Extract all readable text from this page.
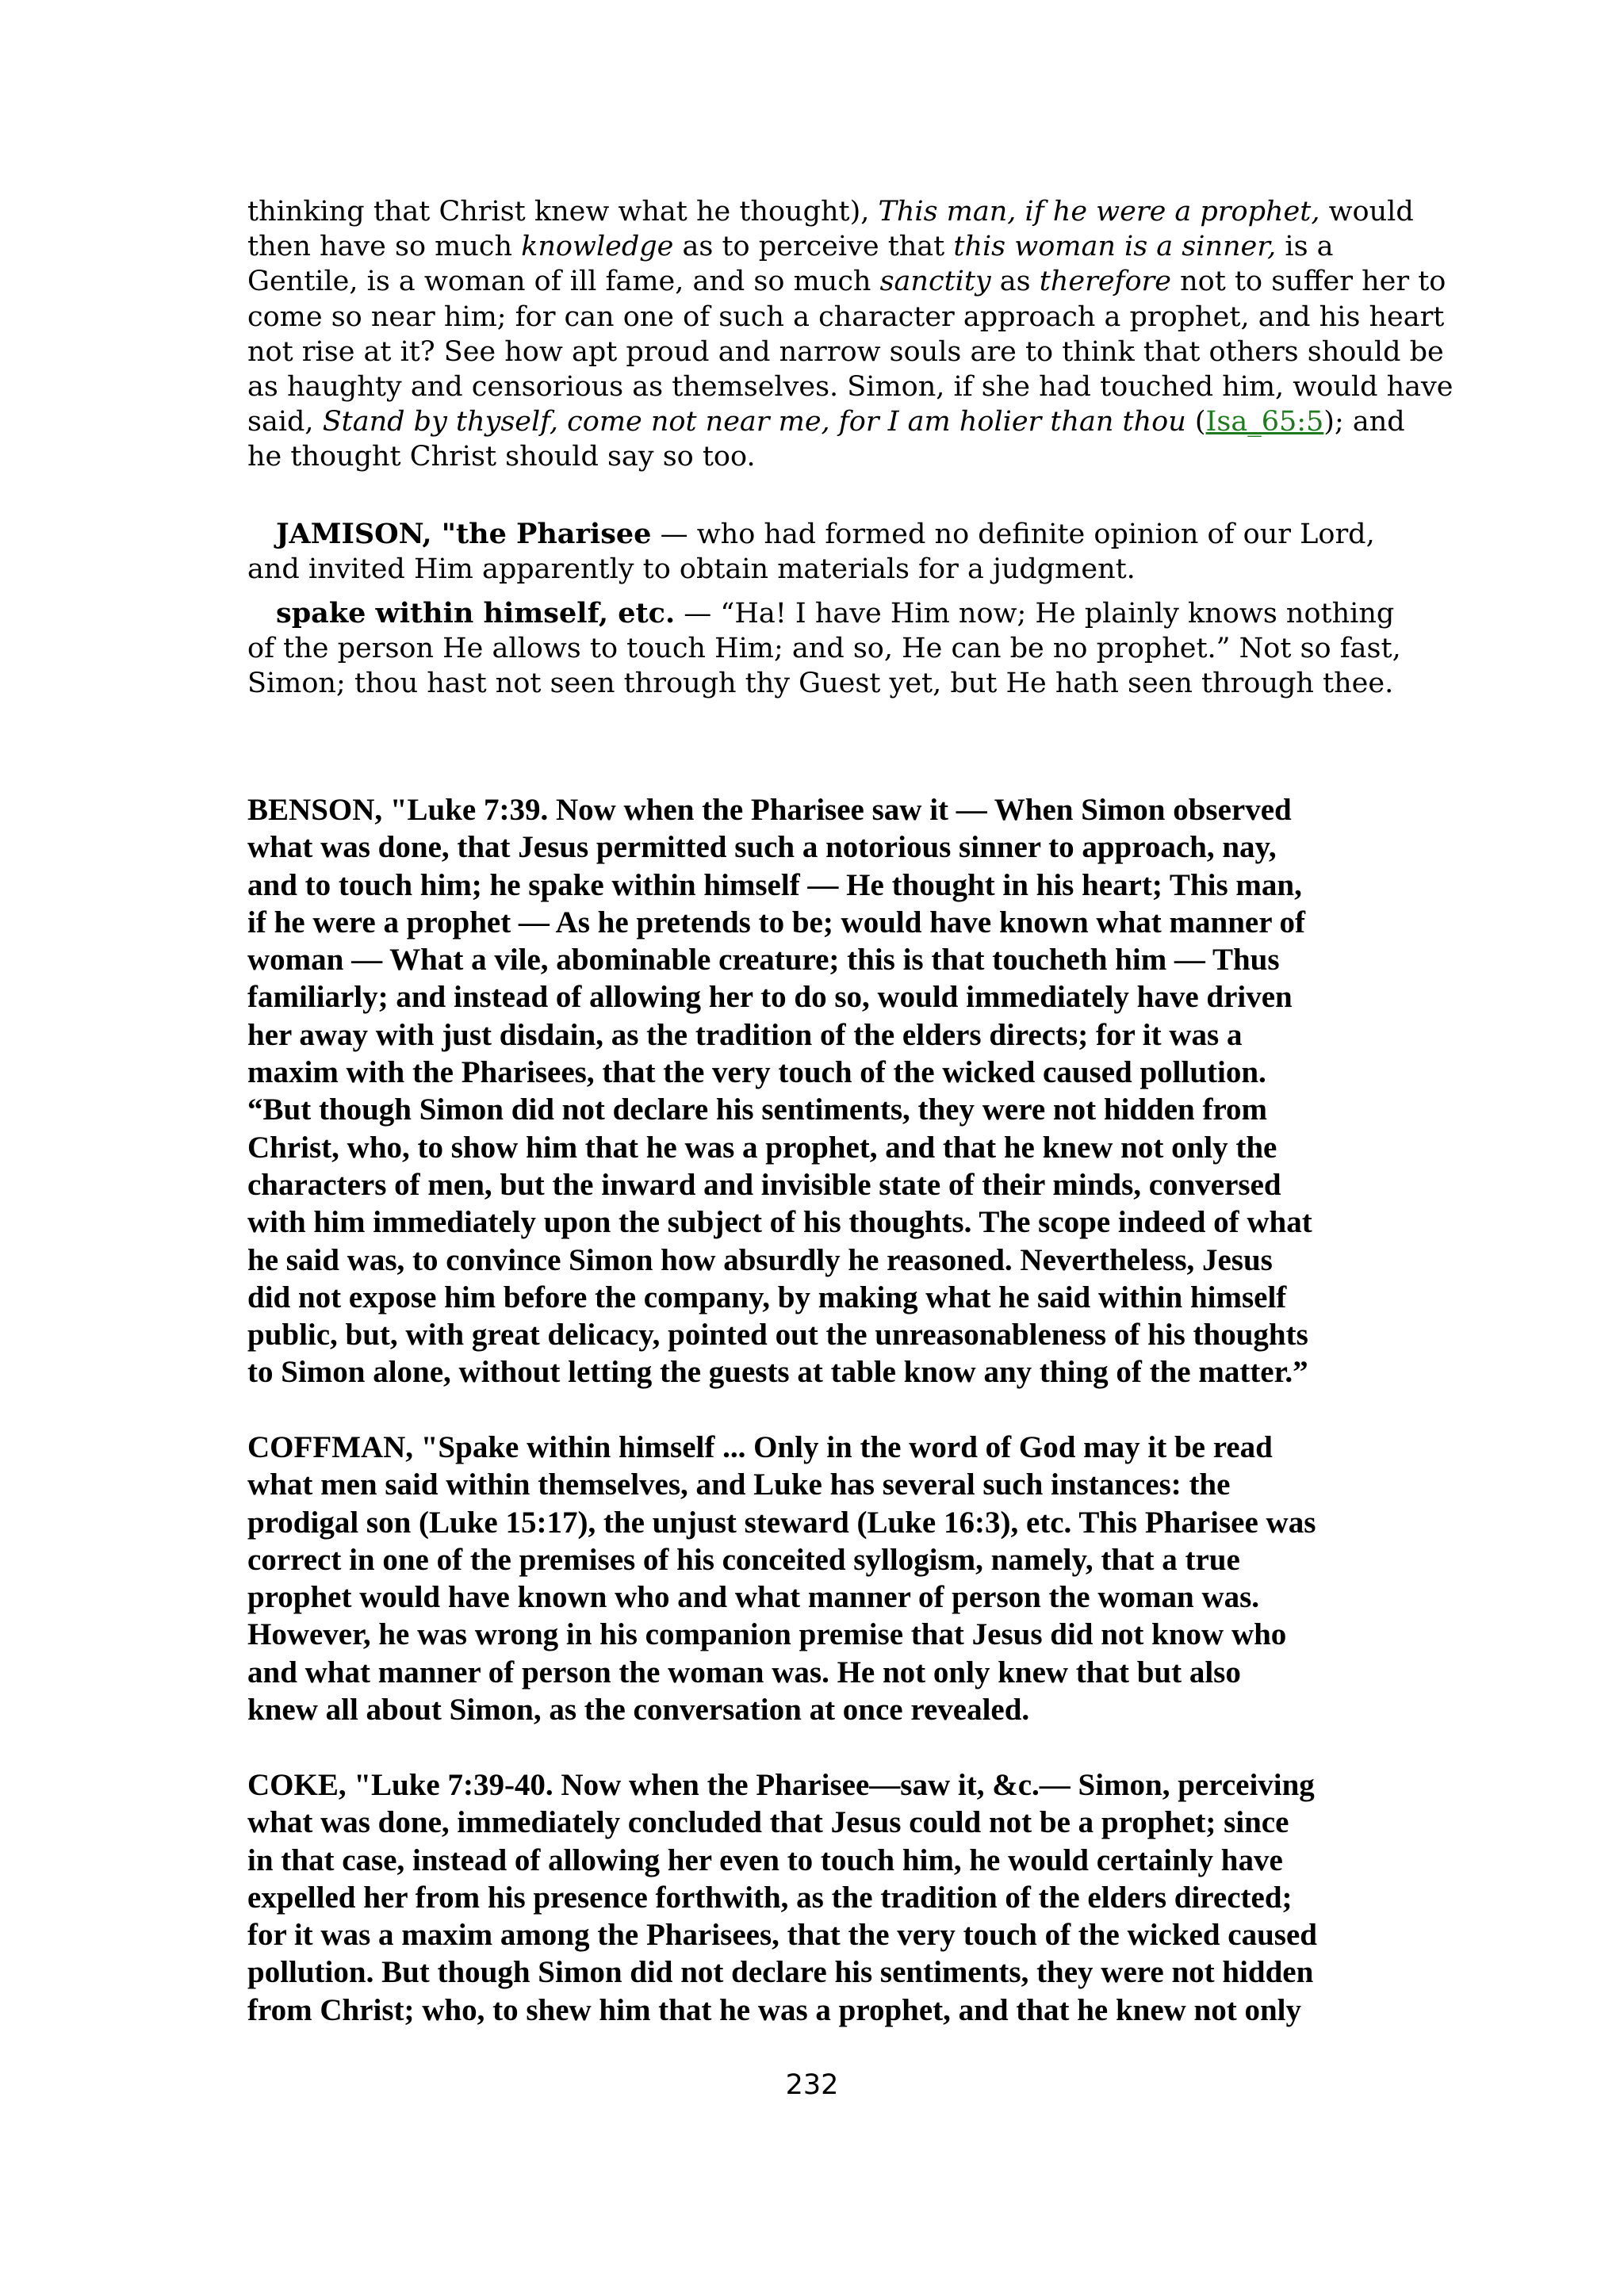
thinking that Christ knew what he thought), This man, if he were a prophet, would
then have so much knowledge as to perceive that this woman is a sinner, is a
Gentile, is a woman of ill fame, and so much sanctity as therefore not to suffer her to
come so near him; for can one of such a character approach a prophet, and his heart
not rise at it? See how apt proud and narrow souls are to think that others should be
as haughty and censorious as themselves. Simon, if she had touched him, would have
said, Stand by thyself, come not near me, for I am holier than thou (Isa_65:5); and
he thought Christ should say so too.
JAMISON, "the Pharisee — who had formed no definite opinion of our Lord,
and invited Him apparently to obtain materials for a judgment.
spake within himself, etc. — “Ha! I have Him now; He plainly knows nothing
of the person He allows to touch Him; and so, He can be no prophet.” Not so fast,
Simon; thou hast not seen through thy Guest yet, but He hath seen through thee.
BENSON, "Luke 7:39. Now when the Pharisee saw it — When Simon observed
what was done, that Jesus permitted such a notorious sinner to approach, nay,
and to touch him; he spake within himself — He thought in his heart; This man,
if he were a prophet — As he pretends to be; would have known what manner of
woman — What a vile, abominable creature; this is that toucheth him — Thus
familiarly; and instead of allowing her to do so, would immediately have driven
her away with just disdain, as the tradition of the elders directs; for it was a
maxim with the Pharisees, that the very touch of the wicked caused pollution.
“But though Simon did not declare his sentiments, they were not hidden from
Christ, who, to show him that he was a prophet, and that he knew not only the
characters of men, but the inward and invisible state of their minds, conversed
with him immediately upon the subject of his thoughts. The scope indeed of what
he said was, to convince Simon how absurdly he reasoned. Nevertheless, Jesus
did not expose him before the company, by making what he said within himself
public, but, with great delicacy, pointed out the unreasonableness of his thoughts
to Simon alone, without letting the guests at table know any thing of the matter.”
COFFMAN, "Spake within himself ... Only in the word of God may it be read
what men said within themselves, and Luke has several such instances: the
prodigal son (Luke 15:17), the unjust steward (Luke 16:3), etc. This Pharisee was
correct in one of the premises of his conceited syllogism, namely, that a true
prophet would have known who and what manner of person the woman was.
However, he was wrong in his companion premise that Jesus did not know who
and what manner of person the woman was. He not only knew that but also
knew all about Simon, as the conversation at once revealed.
COKE, "Luke 7:39-40. Now when the Pharisee—saw it, &c.— Simon, perceiving
what was done, immediately concluded that Jesus could not be a prophet; since
in that case, instead of allowing her even to touch him, he would certainly have
expelled her from his presence forthwith, as the tradition of the elders directed;
for it was a maxim among the Pharisees, that the very touch of the wicked caused
pollution. But though Simon did not declare his sentiments, they were not hidden
from Christ; who, to shew him that he was a prophet, and that he knew not only
232
